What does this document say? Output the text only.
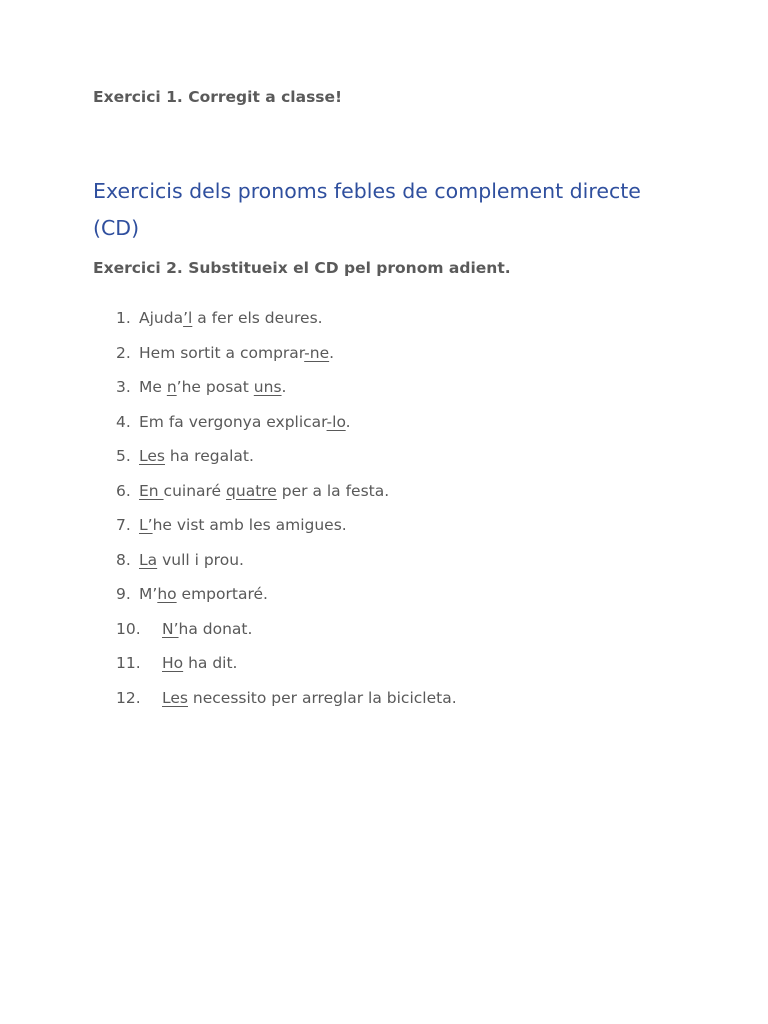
Exercici 1. Corregit a classe!
Exercicis dels pronoms febles de complement directe (CD)
Exercici 2. Substitueix el CD pel pronom adient.
1. Ajuda’l a fer els deures.
2. Hem sortit a comprar-ne.
3. Me n’he posat uns.
4. Em fa vergonya explicar-lo.
5. Les ha regalat.
6. En cuinaré quatre per a la festa.
7. L’he vist amb les amigues.
8. La vull i prou.
9. M’ho emportaré.
10. N’ha donat.
11. Ho ha dit.
12. Les necessito per arreglar la bicicleta.
